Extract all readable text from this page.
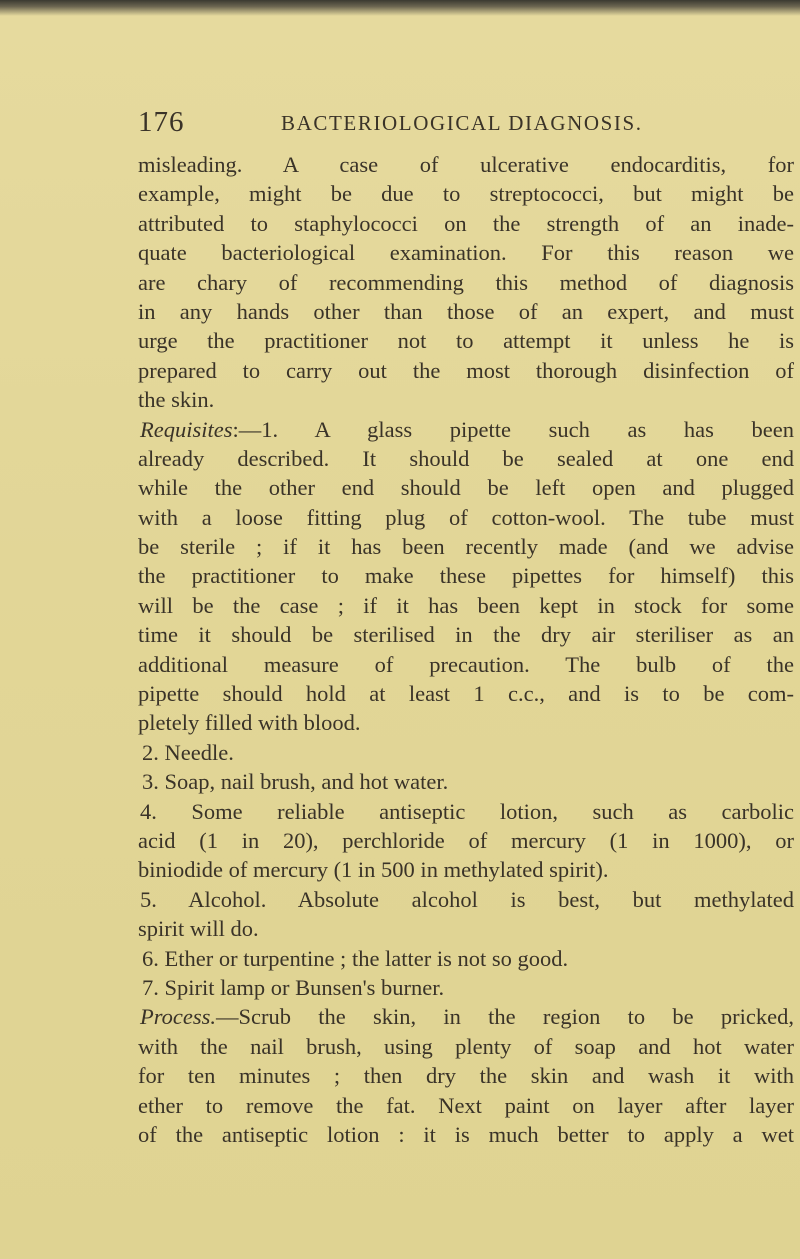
176	BACTERIOLOGICAL DIAGNOSIS.
misleading. A case of ulcerative endocarditis, for
example, might be due to streptococci, but might be
attributed to staphylococci on the strength of an inade-
quate bacteriological examination. For this reason we
are chary of recommending this method of diagnosis
in any hands other than those of an expert, and must
urge the practitioner not to attempt it unless he is
prepared to carry out the most thorough disinfection of
the skin.
Requisites:—1. A glass pipette such as has been
already described. It should be sealed at one end
while the other end should be left open and plugged
with a loose fitting plug of cotton-wool. The tube must
be sterile ; if it has been recently made (and we advise
the practitioner to make these pipettes for himself) this
will be the case ; if it has been kept in stock for some
time it should be sterilised in the dry air steriliser as an
additional measure of precaution. The bulb of the
pipette should hold at least 1 c.c., and is to be com-
pletely filled with blood.
2. Needle.
3. Soap, nail brush, and hot water.
4. Some reliable antiseptic lotion, such as carbolic
acid (1 in 20), perchloride of mercury (1 in 1000), or
biniodide of mercury (1 in 500 in methylated spirit).
5. Alcohol. Absolute alcohol is best, but methylated
spirit will do.
6. Ether or turpentine ; the latter is not so good.
7. Spirit lamp or Bunsen's burner.
Process.—Scrub the skin, in the region to be pricked,
with the nail brush, using plenty of soap and hot water
for ten minutes ; then dry the skin and wash it with
ether to remove the fat. Next paint on layer after layer
of the antiseptic lotion : it is much better to apply a wet
